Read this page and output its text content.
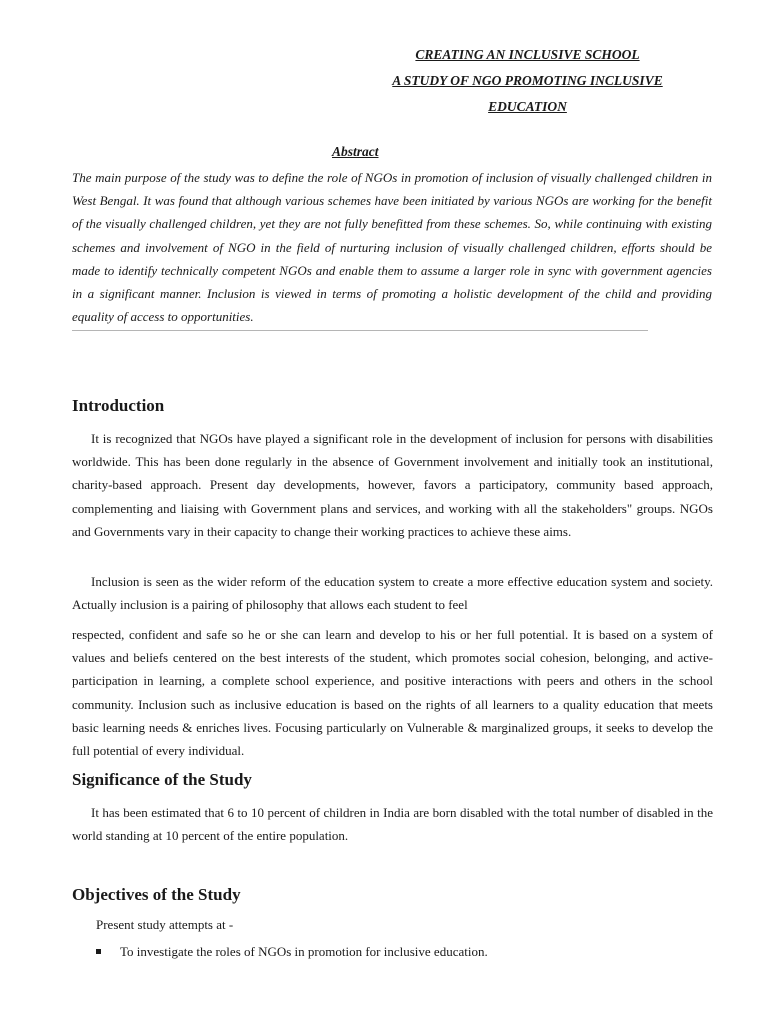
CREATING AN INCLUSIVE SCHOOL

A STUDY OF NGO PROMOTING INCLUSIVE

EDUCATION

Abstract

The main purpose of the study was to define the role of NGOs in promotion of inclusion of visually challenged children in West Bengal. It was found that although various schemes have been initiated by various NGOs are working for the benefit of the visually challenged children, yet they are not fully benefitted from these schemes. So, while continuing with existing schemes and involvement of NGO in the field of nurturing inclusion of visually challenged children, efforts should be made to identify technically competent NGOs and enable them to assume a larger role in sync with government agencies in a significant manner. Inclusion is viewed in terms of promoting a holistic development of the child and providing equality of access to opportunities.

Introduction

It is recognized that NGOs have played a significant role in the development of inclusion for persons with disabilities worldwide. This has been done regularly in the absence of Government involvement and initially took an institutional, charity-based approach. Present day developments, however, favors a participatory, community based approach, complementing and liaising with Government plans and services, and working with all the stakeholders" groups. NGOs and Governments vary in their capacity to change their working practices to achieve these aims.

Inclusion is seen as the wider reform of the education system to create a more effective education system and society. Actually inclusion is a pairing of philosophy that allows each student to feel

respected, confident and safe so he or she can learn and develop to his or her full potential. It is based on a system of values and beliefs centered on the best interests of the student, which promotes social cohesion, belonging, and active-participation in learning, a complete school experience, and positive interactions with peers and others in the school community. Inclusion such as inclusive education is based on the rights of all learners to a quality education that meets basic learning needs & enriches lives. Focusing particularly on Vulnerable & marginalized groups, it seeks to develop the full potential of every individual.

Significance of the Study

It has been estimated that 6 to 10 percent of children in India are born disabled with the total number of disabled in the world standing at 10 percent of the entire population.

Objectives of the Study

Present study attempts at -

To investigate the roles of NGOs in promotion for inclusive education.
